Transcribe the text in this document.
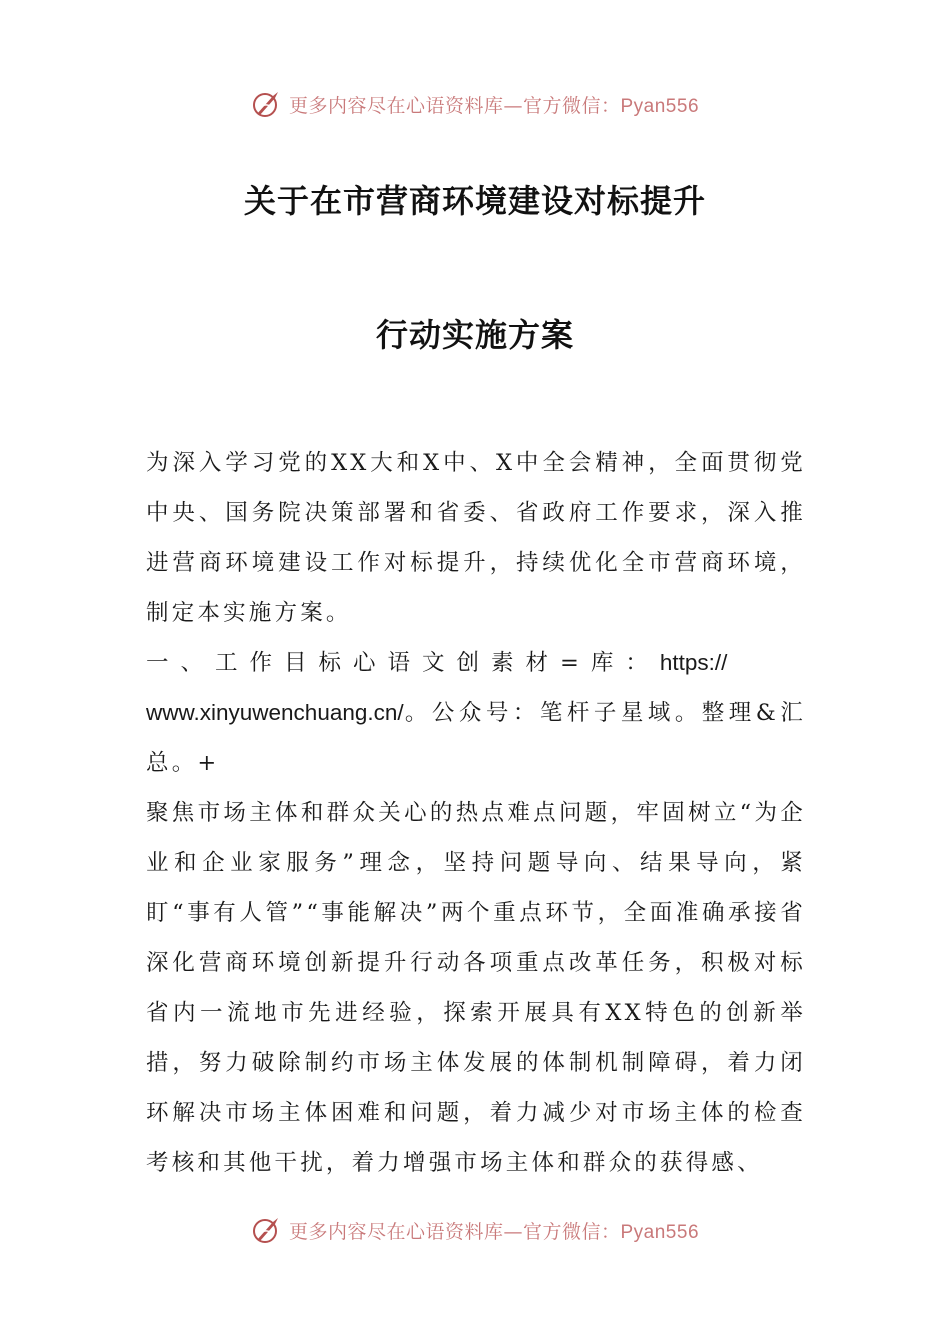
更多内容尽在心语资料库—官方微信：Pyan556
关于在市营商环境建设对标提升
行动实施方案

为深入学习党的XX大和X中、X中全会精神，全面贯彻党中央、国务院决策部署和省委、省政府工作要求，深入推进营商环境建设工作对标提升，持续优化全市营商环境，制定本实施方案。

一、工作目标心语文创素材=库：https://
www.xinyuwenchuang.cn/。公众号：笔杆子星域。整理&汇总。+

聚焦市场主体和群众关心的热点难点问题，牢固树立“为企业和企业家服务”理念，坚持问题导向、结果导向，紧盯“事有人管”“事能解决”两个重点环节，全面准确承接省深化营商环境创新提升行动各项重点改革任务，积极对标省内一流地市先进经验，探索开展具有XX特色的创新举措，努力破除制约市场主体发展的体制机制障碍，着力闭环解决市场主体困难和问题，着力减少对市场主体的检查考核和其他干扰，着力增强市场主体和群众的获得感、

更多内容尽在心语资料库—官方微信：Pyan556
